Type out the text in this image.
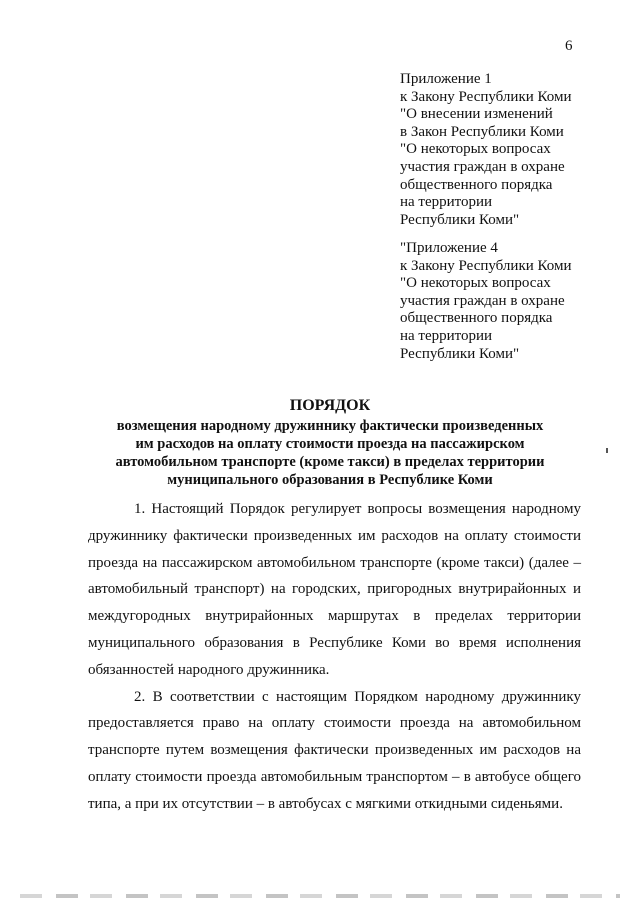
6
Приложение 1
к Закону Республики Коми
"О внесении изменений
в Закон Республики Коми
"О некоторых вопросах
участия граждан в охране
общественного порядка
на территории
Республики Коми"
"Приложение 4
к Закону Республики Коми
"О некоторых вопросах
участия граждан в охране
общественного порядка
на территории
Республики Коми"
ПОРЯДОК
возмещения народному дружиннику фактически произведенных
им расходов на оплату стоимости проезда на пассажирском
автомобильном транспорте (кроме такси) в пределах территории
муниципального образования в Республике Коми

1. Настоящий Порядок регулирует вопросы возмещения народному дружиннику фактически произведенных им расходов на оплату стоимости проезда на пассажирском автомобильном транспорте (кроме такси) (далее – автомобильный транспорт) на городских, пригородных внутрирайонных и междугородных внутрирайонных маршрутах в пределах территории муниципального образования в Республике Коми во время исполнения обязанностей народного дружинника.

2. В соответствии с настоящим Порядком народному дружиннику предоставляется право на оплату стоимости проезда на автомобильном транспорте путем возмещения фактически произведенных им расходов на оплату стоимости проезда автомобильным транспортом – в автобусе общего типа, а при их отсутствии – в автобусах с мягкими откидными сиденьями.
